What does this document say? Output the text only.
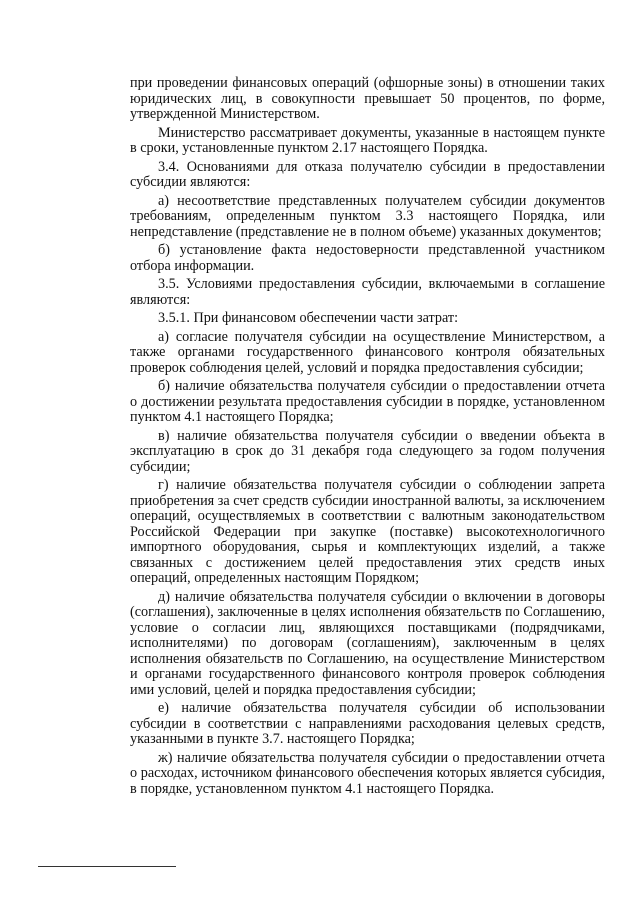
при проведении финансовых операций (офшорные зоны) в отношении таких юридических лиц, в совокупности превышает 50 процентов, по форме, утвержденной Министерством.

Министерство рассматривает документы, указанные в настоящем пункте в сроки, установленные пунктом 2.17 настоящего Порядка.

3.4. Основаниями для отказа получателю субсидии в предоставлении субсидии являются:

а) несоответствие представленных получателем субсидии документов требованиям, определенным пунктом 3.3 настоящего Порядка, или непредставление (представление не в полном объеме) указанных документов;

б) установление факта недостоверности представленной участником отбора информации.

3.5. Условиями предоставления субсидии, включаемыми в соглашение являются:

3.5.1. При финансовом обеспечении части затрат:

а) согласие получателя субсидии на осуществление Министерством, а также органами государственного финансового контроля обязательных проверок соблюдения целей, условий и порядка предоставления субсидии;

б) наличие обязательства получателя субсидии о предоставлении отчета о достижении результата предоставления субсидии в порядке, установленном пунктом 4.1 настоящего Порядка;

в) наличие обязательства получателя субсидии о введении объекта в эксплуатацию в срок до 31 декабря года следующего за годом получения субсидии;

г) наличие обязательства получателя субсидии о соблюдении запрета приобретения за счет средств субсидии иностранной валюты, за исключением операций, осуществляемых в соответствии с валютным законодательством Российской Федерации при закупке (поставке) высокотехнологичного импортного оборудования, сырья и комплектующих изделий, а также связанных с достижением целей предоставления этих средств иных операций, определенных настоящим Порядком;

д) наличие обязательства получателя субсидии о включении в договоры (соглашения), заключенные в целях исполнения обязательств по Соглашению, условие о согласии лиц, являющихся поставщиками (подрядчиками, исполнителями) по договорам (соглашениям), заключенным в целях исполнения обязательств по Соглашению, на осуществление Министерством и органами государственного финансового контроля проверок соблюдения ими условий, целей и порядка предоставления субсидии;

е) наличие обязательства получателя субсидии об использовании субсидии в соответствии с направлениями расходования целевых средств, указанными в пункте 3.7. настоящего Порядка;

ж) наличие обязательства получателя субсидии о предоставлении отчета о расходах, источником финансового обеспечения которых является субсидия, в порядке, установленном пунктом 4.1 настоящего Порядка.
